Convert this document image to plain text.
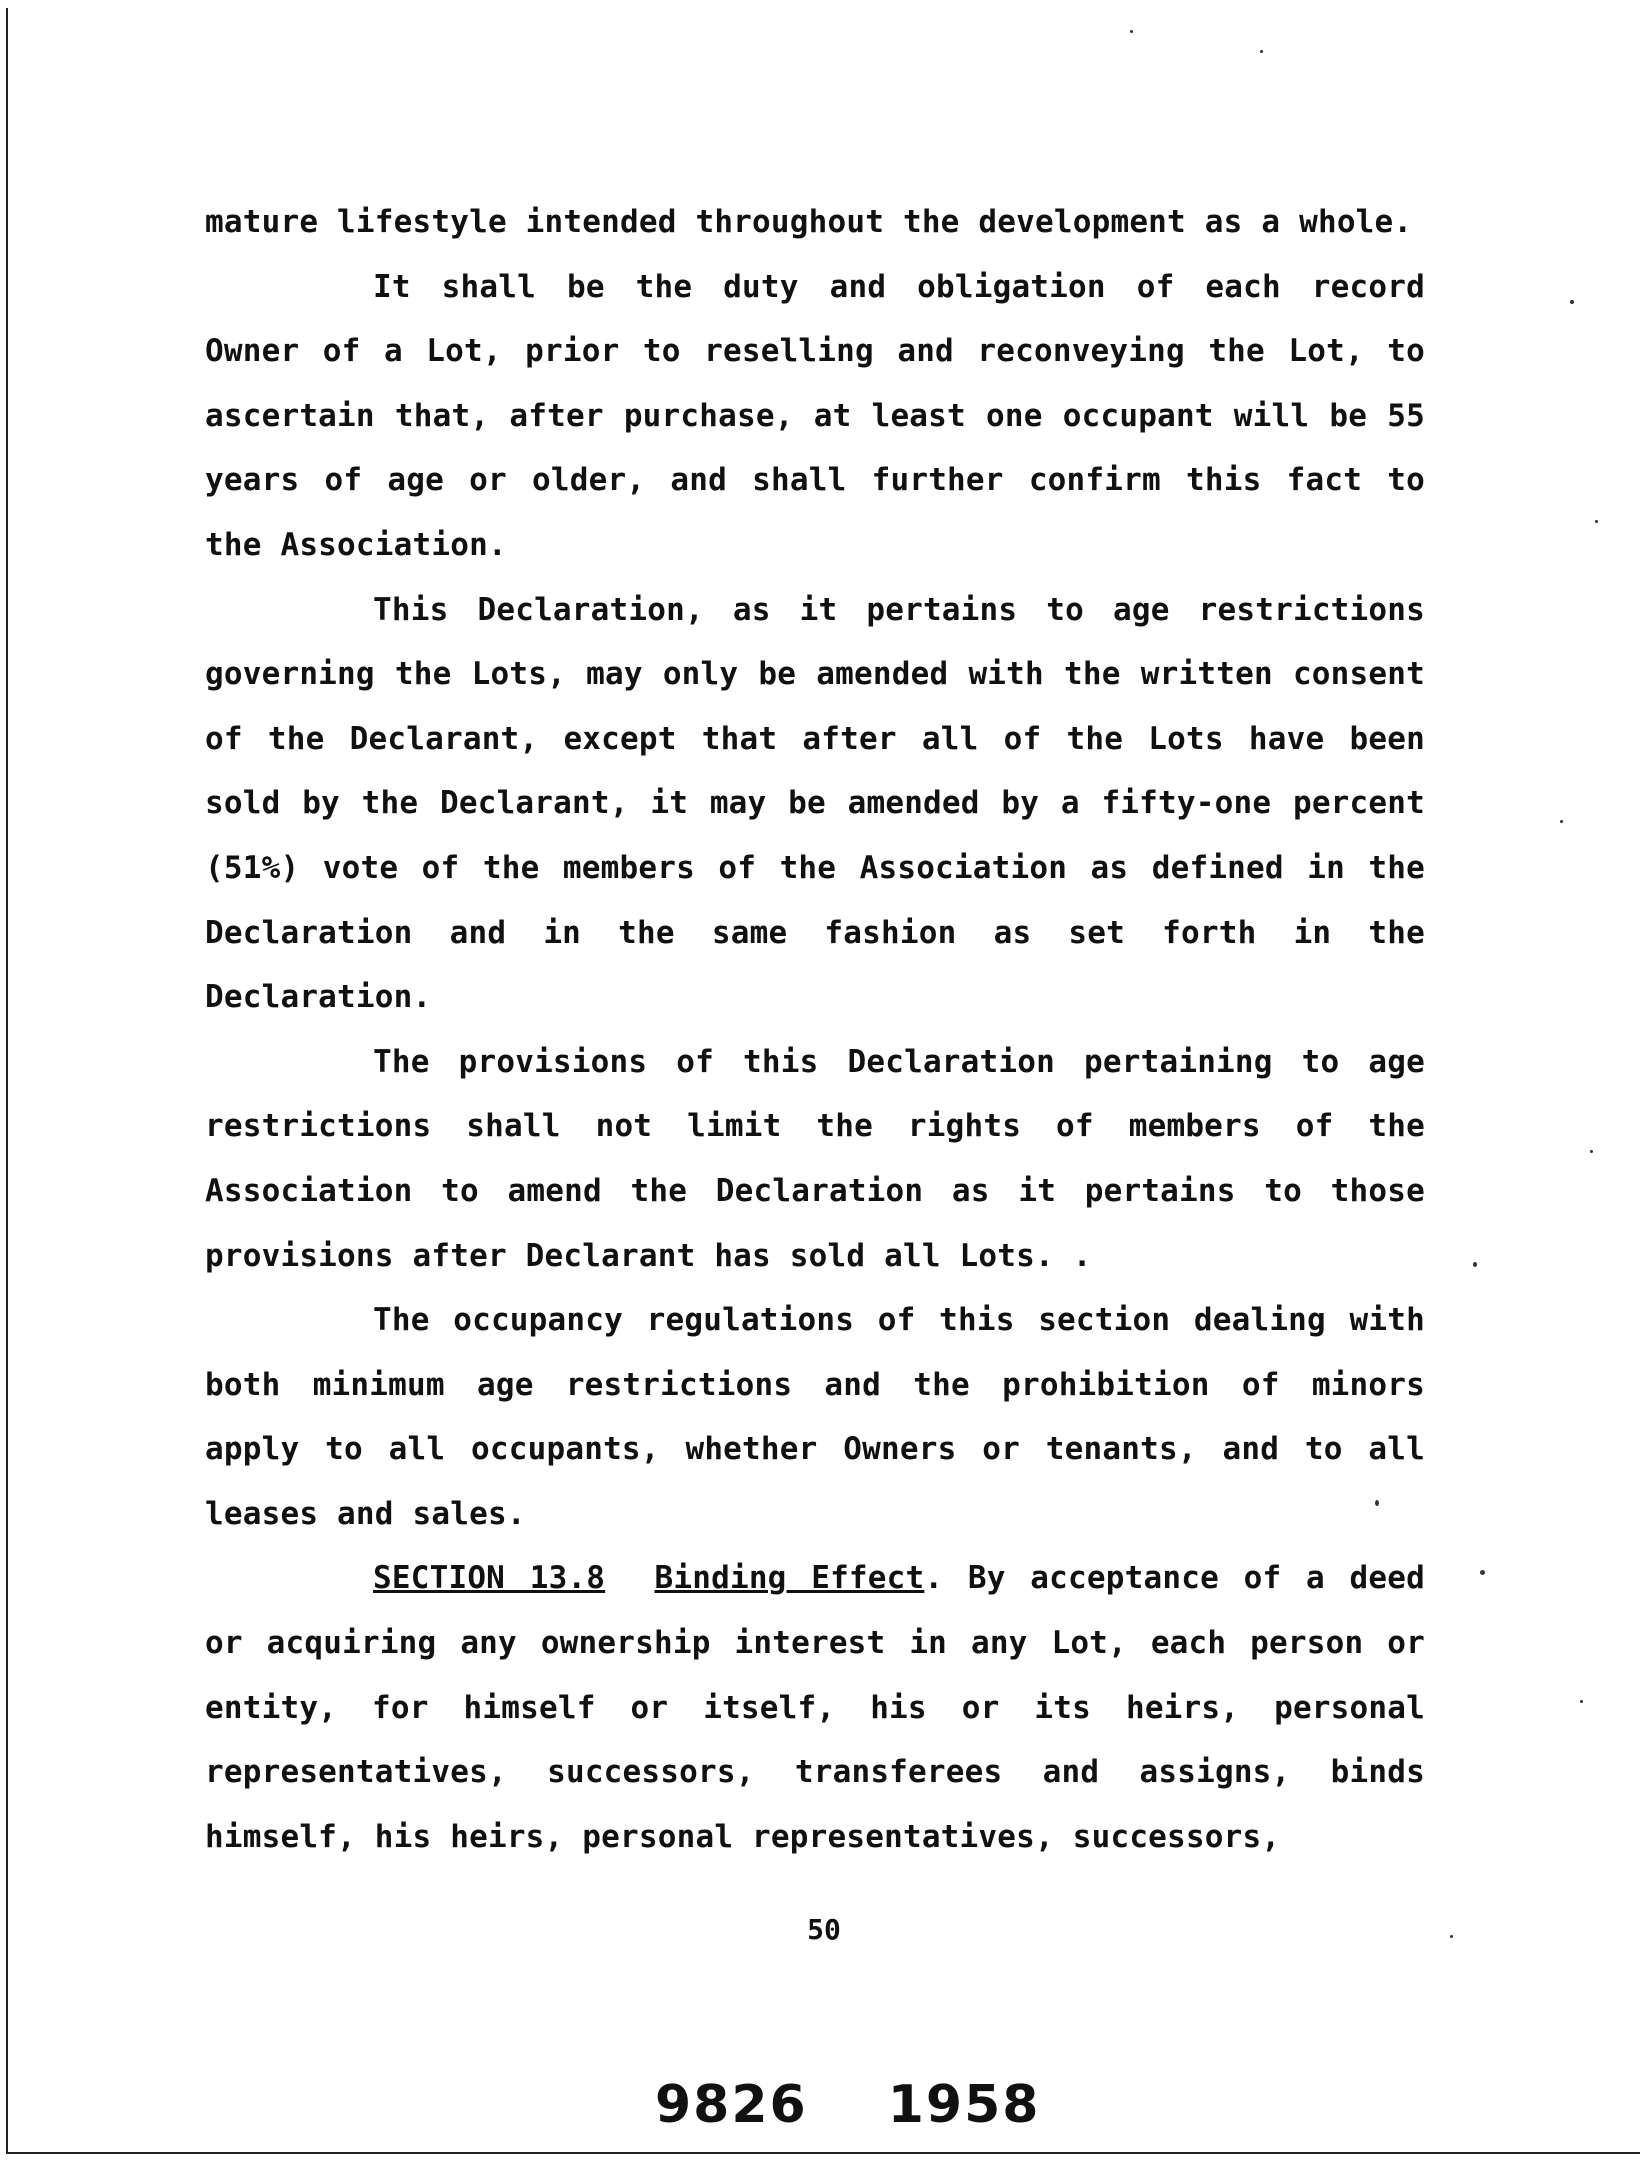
mature lifestyle intended throughout the development as a whole.

It shall be the duty and obligation of each record Owner of a Lot, prior to reselling and reconveying the Lot, to ascertain that, after purchase, at least one occupant will be 55 years of age or older, and shall further confirm this fact to the Association.

This Declaration, as it pertains to age restrictions governing the Lots, may only be amended with the written consent of the Declarant, except that after all of the Lots have been sold by the Declarant, it may be amended by a fifty-one percent (51%) vote of the members of the Association as defined in the Declaration and in the same fashion as set forth in the Declaration.

The provisions of this Declaration pertaining to age restrictions shall not limit the rights of members of the Association to amend the Declaration as it pertains to those provisions after Declarant has sold all Lots. .

The occupancy regulations of this section dealing with both minimum age restrictions and the prohibition of minors apply to all occupants, whether Owners or tenants, and to all leases and sales.

SECTION 13.8 Binding Effect. By acceptance of a deed or acquiring any ownership interest in any Lot, each person or entity, for himself or itself, his or its heirs, personal representatives, successors, transferees and assigns, binds himself, his heirs, personal representatives, successors,

50
9826 1958
